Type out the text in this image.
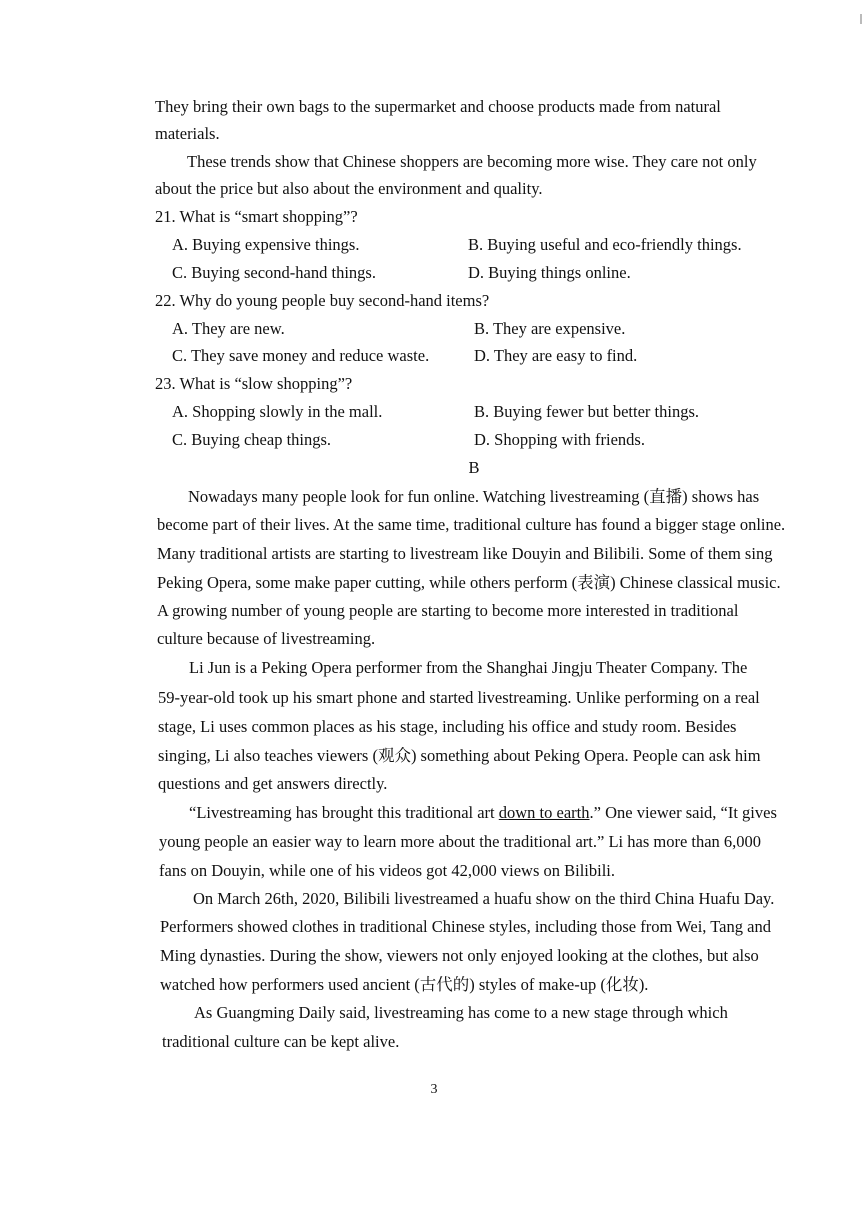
They bring their own bags to the supermarket and choose products made from natural
materials.
These trends show that Chinese shoppers are becoming more wise. They care not only
about the price but also about the environment and quality.
21. What is “smart shopping”?
A. Buying expensive things.	B. Buying useful and eco-friendly things.
C. Buying second-hand things.	D. Buying things online.
22. Why do young people buy second-hand items?
A. They are new.	B. They are expensive.
C. They save money and reduce waste.	D. They are easy to find.
23. What is “slow shopping”?
A. Shopping slowly in the mall.	B. Buying fewer but better things.
C. Buying cheap things.	D. Shopping with friends.
B
Nowadays many people look for fun online. Watching livestreaming (直播) shows has
become part of their lives. At the same time, traditional culture has found a bigger stage online.
Many traditional artists are starting to livestream like Douyin and Bilibili. Some of them sing
Peking Opera, some make paper cutting, while others perform (表演) Chinese classical music.
A growing number of young people are starting to become more interested in traditional
culture because of livestreaming.
Li Jun is a Peking Opera performer from the Shanghai Jingju Theater Company. The
59-year-old took up his smart phone and started livestreaming. Unlike performing on a real
stage, Li uses common places as his stage, including his office and study room. Besides
singing, Li also teaches viewers (观众) something about Peking Opera. People can ask him
questions and get answers directly.
“Livestreaming has brought this traditional art down to earth.” One viewer said, “It gives
young people an easier way to learn more about the traditional art.” Li has more than 6,000
fans on Douyin, while one of his videos got 42,000 views on Bilibili.
On March 26th, 2020, Bilibili livestreamed a huafu show on the third China Huafu Day.
Performers showed clothes in traditional Chinese styles, including those from Wei, Tang and
Ming dynasties. During the show, viewers not only enjoyed looking at the clothes, but also
watched how performers used ancient (古代的) styles of make-up (化妆).
As Guangming Daily said, livestreaming has come to a new stage through which
traditional culture can be kept alive.
3
